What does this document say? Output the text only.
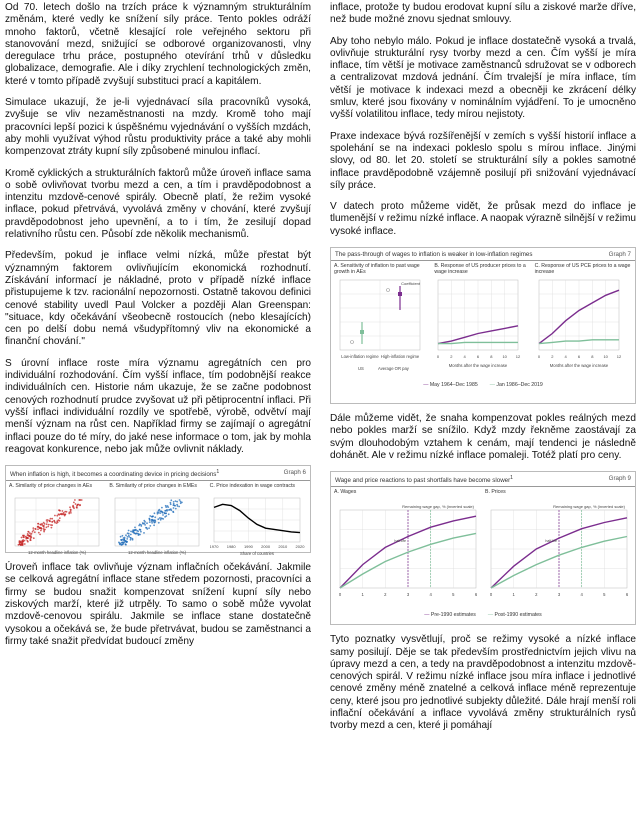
Od 70. letech došlo na trzích práce k významným strukturálním změnám, které vedly ke snížení síly práce. Tento pokles odráží mnoho faktorů, včetně klesající role veřejného sektoru při stanovování mezd, snižující se odborové organizovanosti, vlny deregulace trhu práce, postupného otevírání trhů v důsledku globalizace, demografie. Ale i díky zrychlení technologických změn, které v tomto případě zvyšují substituci prací a kapitálem.

Simulace ukazují, že je-li vyjednávací síla pracovníků vysoká, zvyšuje se vliv nezaměstnanosti na mzdy. Kromě toho mají pracovníci lepší pozici k úspěšnému vyjednávání o vyšších mzdách, aby mohli využívat výhod růstu produktivity práce a také aby mohli kompenzovat ztráty kupní síly způsobené minulou inflací.

Kromě cyklických a strukturálních faktorů může úroveň inflace sama o sobě ovlivňovat tvorbu mezd a cen, a tím i pravděpodobnost a intenzitu mzdově-cenové spirály. Obecně platí, že režim vysoké inflace, pokud přetrvává, vyvolává změny v chování, které zvyšují pravděpodobnost jeho upevnění, a to i tím, že zesilují dopad relativního růstu cen. Působí zde několik mechanismů.

Především, pokud je inflace velmi nízká, může přestat být významným faktorem ovlivňujícím ekonomická rozhodnutí. Získávání informací je nákladné, proto v případě nízké inflace přistupujeme k tzv. racionální nepozornosti. Ostatně takovou definici cenové stability uvedl Paul Volcker a později Alan Greenspan: "situace, kdy očekávání všeobecně rostoucích (nebo klesajících) cen po delší dobu nemá všudypřítomný vliv na ekonomické a finanční chování."

S úrovní inflace roste míra významu agregátních cen pro individuální rozhodování. Čím vyšší inflace, tím podobnější reakce individuálních cen. Historie nám ukazuje, že se začne podobnost cenových rozhodnutí prudce zvyšovat už při pětiprocentní inflaci. Při vyšší inflaci individuální rozdíly ve spotřebě, výrobě, odvětví mají menší význam na růst cen. Například firmy se zajímají o agregátní inflaci pouze do té míry, do jaké nese informace o tom, jak by mohla reagovat konkurence, nebo jak může ovlivnit náklady.

When inflation is high, it becomes a coordinating device in pricing decisions$^1$	Graph 6
A. Similarity of price changes in AEs
12-month headline inflation (%)
B. Similarity of price changes in EMEs
12-month headline inflation (%)
C. Price indexation in wage contracts
1970 1980 1990 2000 2010 2020
Share of countries

Úroveň inflace tak ovlivňuje význam inflačních očekávání. Jakmile se celková agregátní inflace stane středem pozornosti, pracovníci a firmy se budou snažit kompenzovat snížení kupní síly nebo ziskových marží, které již utrpěly. To samo o sobě může vyvolat mzdově-cenovou spirálu. Jakmile se inflace stane dostatečně vysokou a očekává se, že bude přetrvávat, budou se zaměstnanci a firmy také snažit předvídat budoucí změny

inflace, protože ty budou erodovat kupní sílu a ziskové marže dříve, než bude možné znovu sjednat smlouvy.

Aby toho nebylo málo. Pokud je inflace dostatečně vysoká a trvalá, ovlivňuje strukturální rysy tvorby mezd a cen. Čím vyšší je míra inflace, tím větší je motivace zaměstnanců sdružovat se v odborech a centralizovat mzdová jednání. Čím trvalejší je míra inflace, tím větší je motivace k indexaci mezd a obecněji ke zkrácení délky smluv, které jsou fixovány v nominálním vyjádření. To je umocněno vyšší volatilitou inflace, tedy mírou nejistoty.

Praxe indexace bývá rozšířenější v zemích s vyšší historií inflace a spolehání se na indexaci pokleslo spolu s mírou inflace. Jinými slovy, od 80. let 20. století se strukturální síly a pokles samotné inflace pravděpodobně vzájemně posilují při snižování vyjednávací síly práce.

V datech proto můžeme vidět, že průsak mezd do inflace je tlumenější v režimu nízké inflace. A naopak výrazně silnější v režimu vysoké inflace.

The pass-through of wages to inflation is weaker in low-inflation regimes	Graph 7
A. Sensitivity of inflation to past wage growth in AEs
Low-inflation regime High-inflation regime
Coefficient
US	Average OR pay
B. Response of US producer prices to a wage increase
0	2	4	6	8 10 12
Months after the wage increase
C. Response of US PCE prices to a wage increase
0	2	4	6	8 10 12
Months after the wage increase
— May 1964–Dec 1985 — Jan 1986–Dec 2019

Dále můžeme vidět, že snaha kompenzovat pokles reálných mezd nebo pokles marží se snížilo. Když mzdy řekněme zaostávají za svým dlouhodobým vztahem k cenám, mají tendenci je následně dohánět. Ale v režimu nízké inflace pomaleji. Totéž platí pro ceny.

Wage and price reactions to past shortfalls have become slower$^1$	Graph 9
A. Wages
Remaining wage gap, % (inverted scale)
0	1	2	3	4	5	6
half-life
B. Prices
Remaining wage gap, % (inverted scale)
0	1	2	3	4	5	6
half-life
— Pre-1990 estimates — Post-1990 estimates

Tyto poznatky vysvětlují, proč se režimy vysoké a nízké inflace samy posilují. Děje se tak především prostřednictvím jejich vlivu na úpravy mezd a cen, a tedy na pravděpodobnost a intenzitu mzdově-cenových spirál. V režimu nízké inflace jsou míra inflace i jednotlivé cenové změny méně znatelné a celková inflace méně reprezentuje ceny, které jsou pro jednotlivé subjekty důležité. Dále hrají menší roli inflační očekávání a inflace vyvolává změny strukturálních rysů tvorby mezd a cen, které ji pomáhají
